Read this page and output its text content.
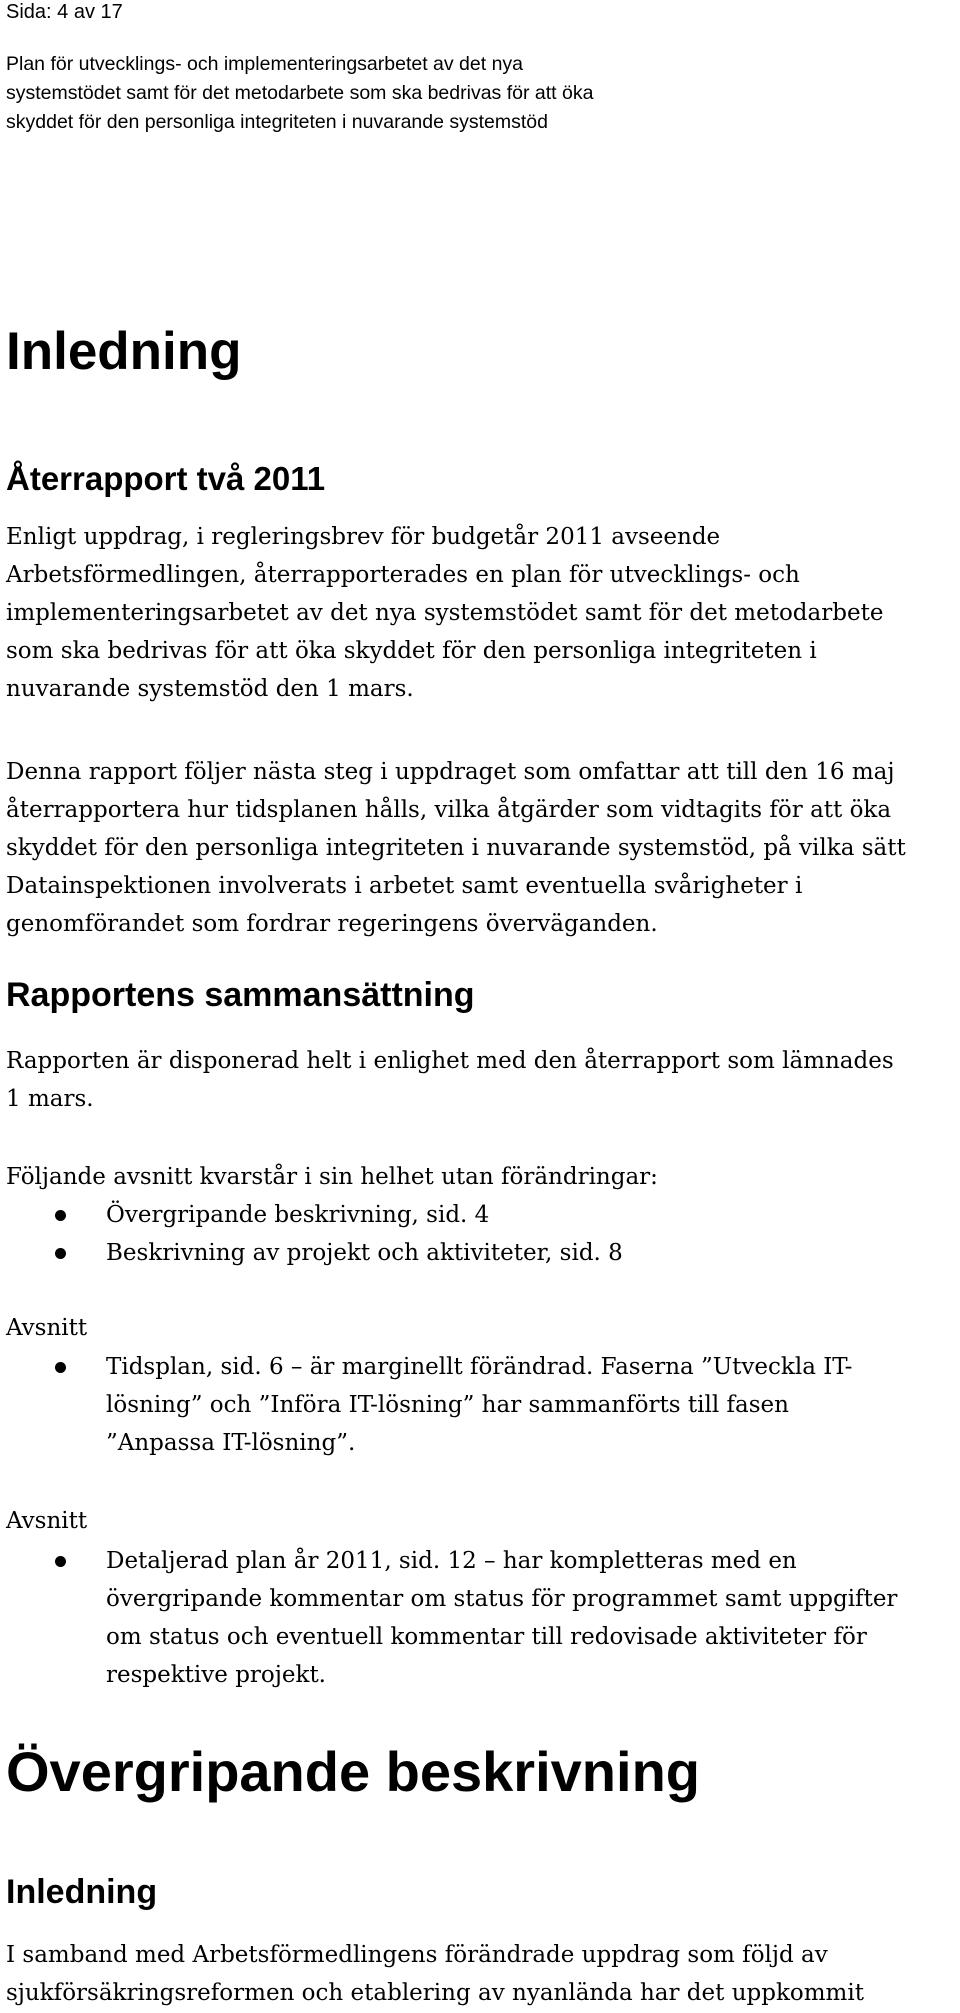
Sida: 4 av 17
Plan för utvecklings- och implementeringsarbetet av det nya
systemstödet samt för det metodarbete som ska bedrivas för att öka
skyddet för den personliga integriteten i nuvarande systemstöd
Inledning
Återrapport två 2011
Enligt uppdrag, i regleringsbrev för budgetår 2011 avseende
Arbetsförmedlingen, återrapporterades en plan för utvecklings- och
implementeringsarbetet av det nya systemstödet samt för det metodarbete
som ska bedrivas för att öka skyddet för den personliga integriteten i
nuvarande systemstöd den 1 mars.
Denna rapport följer nästa steg i uppdraget som omfattar att till den 16 maj
återrapportera hur tidsplanen hålls, vilka åtgärder som vidtagits för att öka
skyddet för den personliga integriteten i nuvarande systemstöd, på vilka sätt
Datainspektionen involverats i arbetet samt eventuella svårigheter i
genomförandet som fordrar regeringens överväganden.
Rapportens sammansättning
Rapporten är disponerad helt i enlighet med den återrapport som lämnades
1 mars.
Följande avsnitt kvarstår i sin helhet utan förändringar:
Övergripande beskrivning, sid. 4
Beskrivning av projekt och aktiviteter, sid. 8
Avsnitt
Tidsplan, sid. 6 – är marginellt förändrad. Faserna ”Utveckla IT-
lösning” och ”Införa IT-lösning” har sammanförts till fasen
”Anpassa IT-lösning”.
Avsnitt
Detaljerad plan år 2011, sid. 12 – har kompletteras med en
övergripande kommentar om status för programmet samt uppgifter
om status och eventuell kommentar till redovisade aktiviteter för
respektive projekt.
Övergripande beskrivning
Inledning
I samband med Arbetsförmedlingens förändrade uppdrag som följd av
sjukförsäkringsreformen och etablering av nyanlända har det uppkommit
